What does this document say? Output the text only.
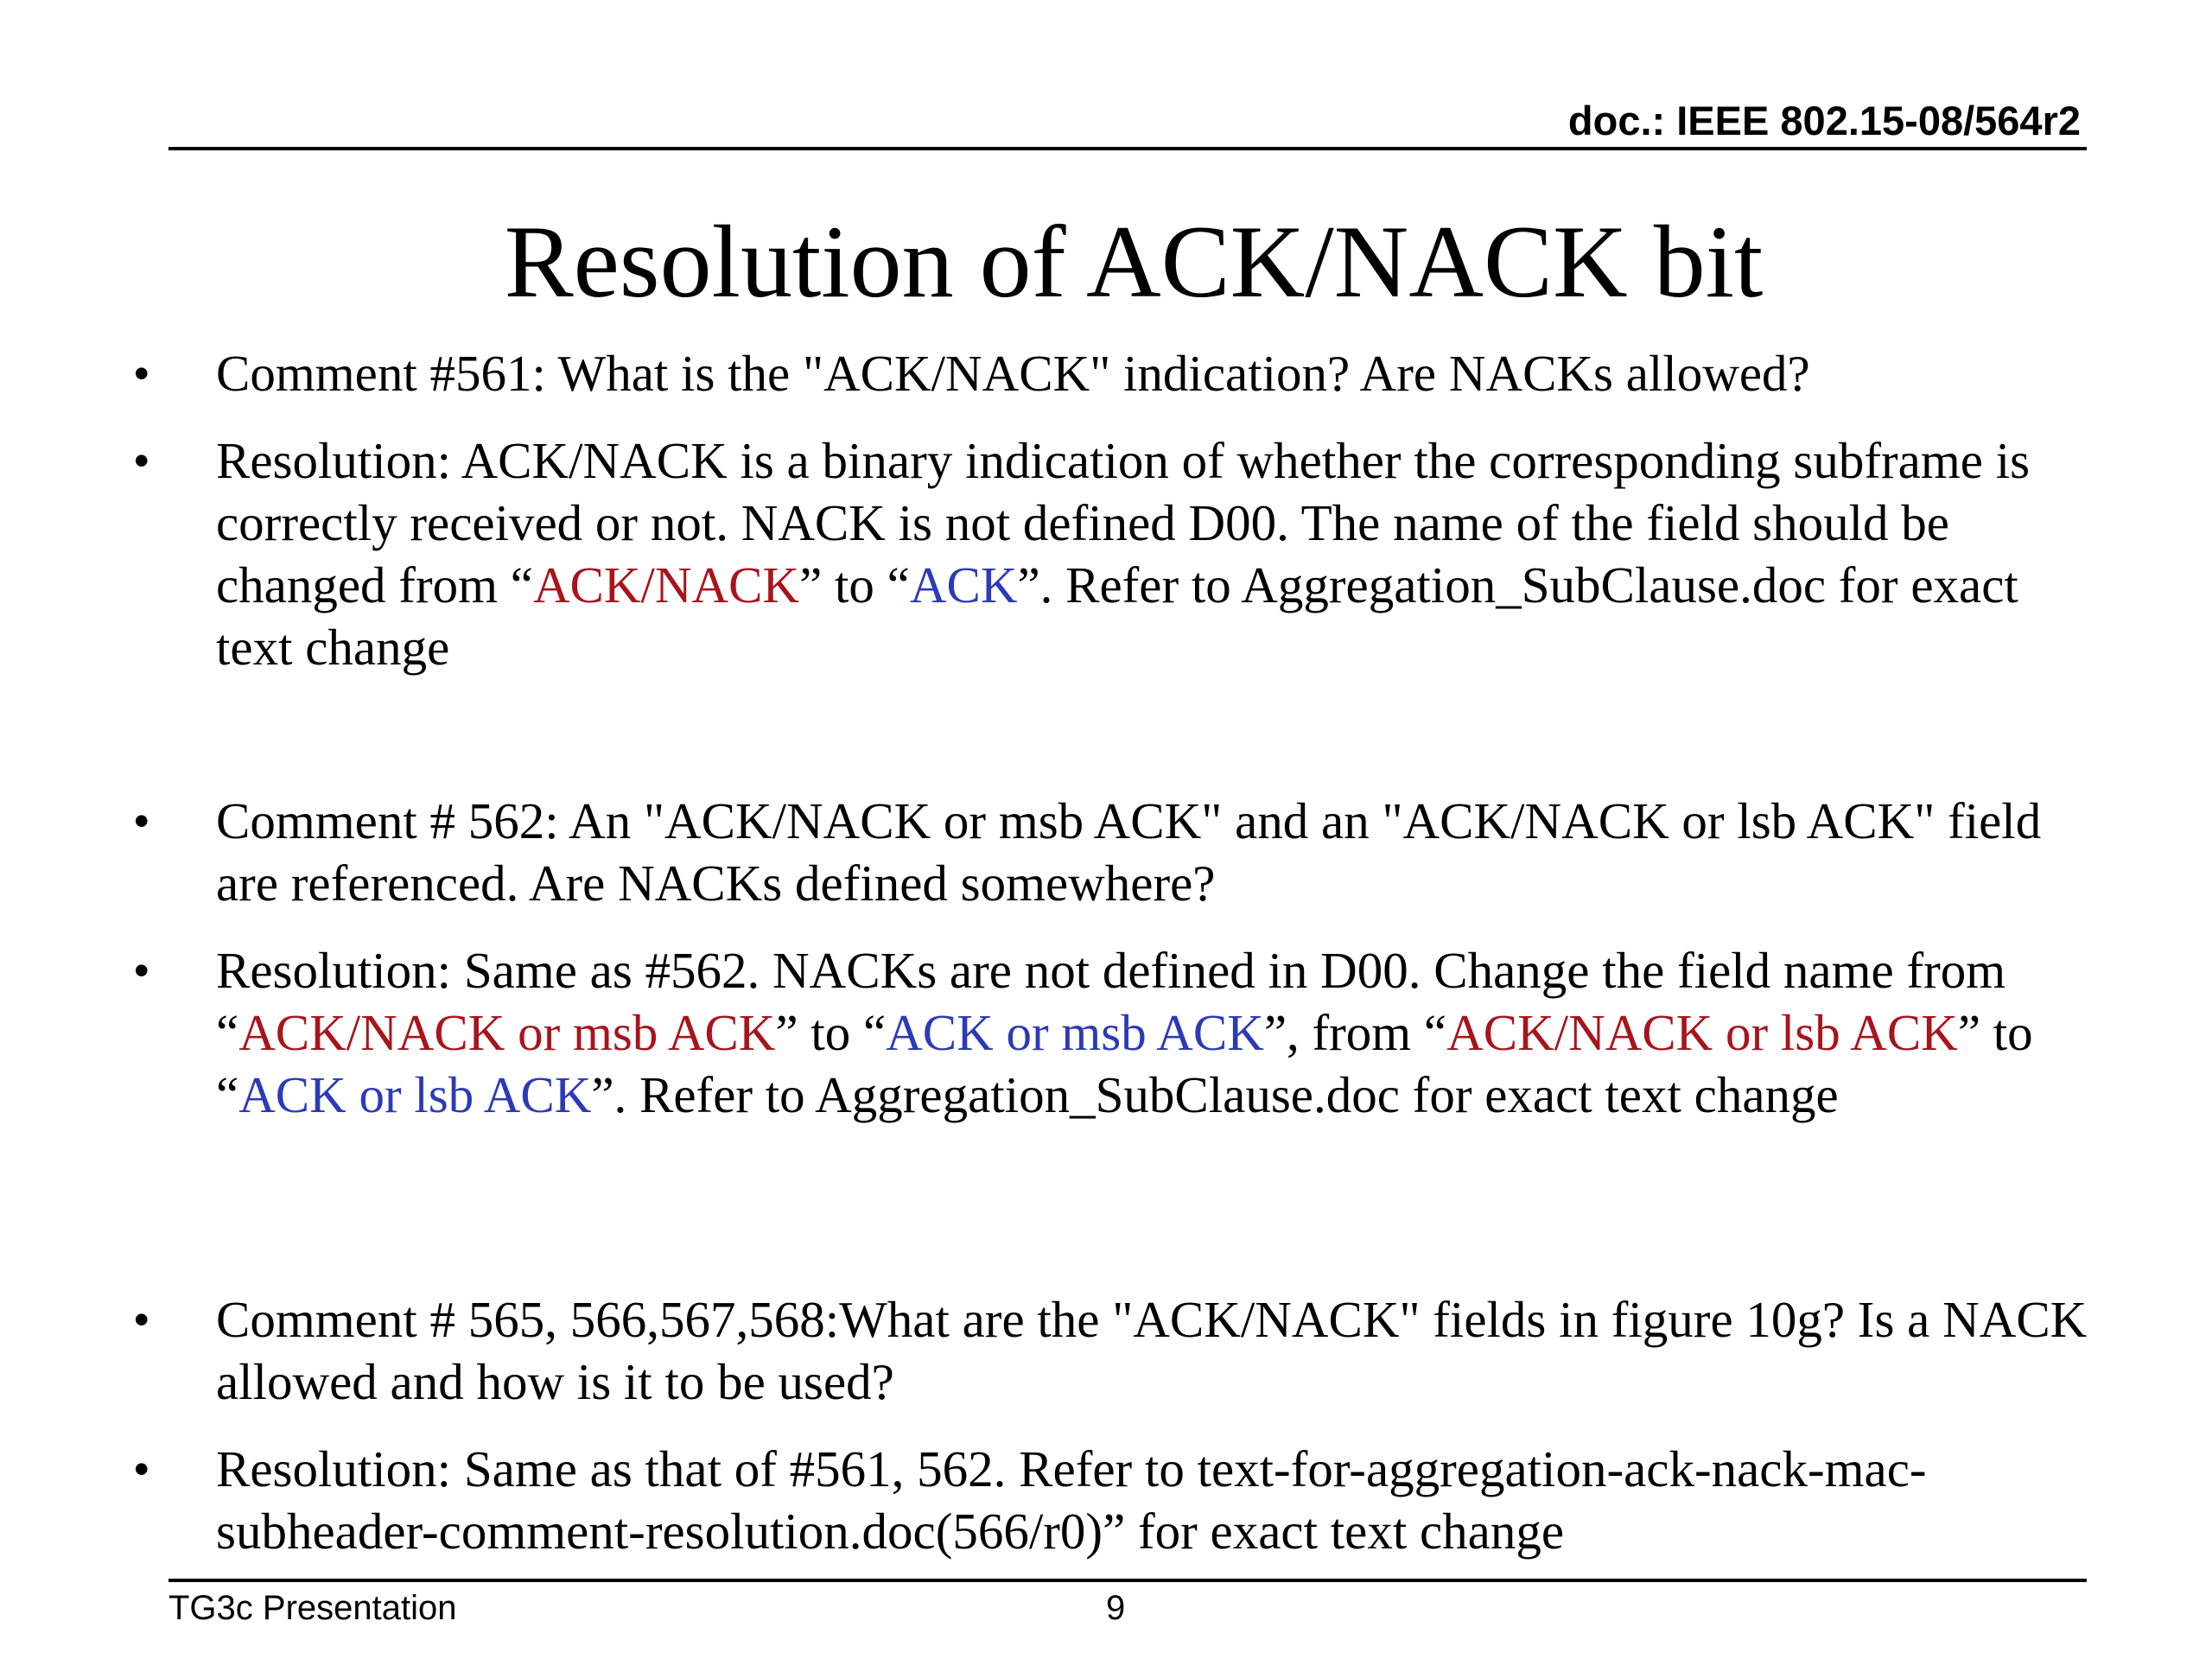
doc.: IEEE 802.15-08/564r2
Resolution of ACK/NACK bit
• Comment #561: What is the "ACK/NACK" indication? Are NACKs allowed?
• Resolution: ACK/NACK is a binary indication of whether the corresponding subframe is correctly received or not. NACK is not defined D00. The name of the field should be changed from “ACK/NACK” to “ACK”. Refer to Aggregation_SubClause.doc for exact text change
• Comment # 562: An "ACK/NACK or msb ACK" and an "ACK/NACK or lsb ACK" field are referenced. Are NACKs defined somewhere?
• Resolution: Same as #562. NACKs are not defined in D00. Change the field name from “ACK/NACK or msb ACK” to “ACK or msb ACK”, from “ACK/NACK or lsb ACK” to “ACK or lsb ACK”. Refer to Aggregation_SubClause.doc for exact text change
• Comment # 565, 566,567,568:What are the "ACK/NACK" fields in figure 10g? Is a NACK allowed and how is it to be used?
• Resolution: Same as that of #561, 562. Refer to text-for-aggregation-ack-nack-mac-subheader-comment-resolution.doc(566/r0)” for exact text change
TG3c Presentation	9
